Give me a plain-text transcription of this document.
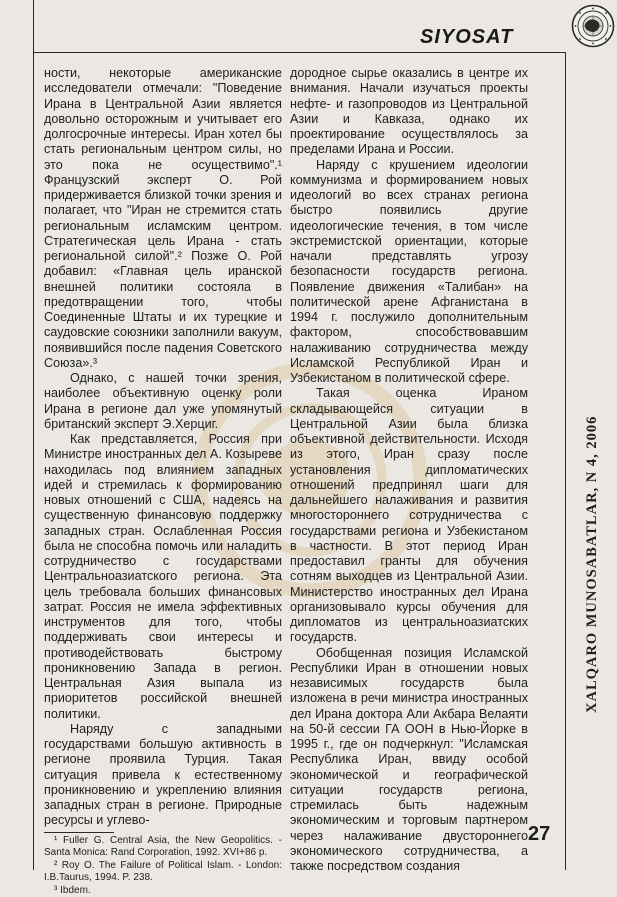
SIYOSAT

ности, некоторые американские исследователи отмечали: "Поведение Ирана в Центральной Азии является довольно осторожным и учитывает его долгосрочные интересы. Иран хотел бы стать региональным центром силы, но это пока не осуществимо".¹ Французский эксперт О. Рой придерживается близкой точки зрения и полагает, что "Иран не стремится стать региональным исламским центром. Стратегическая цель Ирана - стать региональной силой".² Позже О. Рой добавил: «Главная цель иранской внешней политики состояла в предотвращении того, чтобы Соединенные Штаты и их турецкие и саудовские союзники заполнили вакуум, появившийся после падения Советского Союза».³

Однако, с нашей точки зрения, наиболее объективную оценку роли Ирана в регионе дал уже упомянутый британский эксперт Э.Херциг.

Как представляется, Россия при Министре иностранных дел А. Козыреве находилась под влиянием западных идей и стремилась к формированию новых отношений с США, надеясь на существенную финансовую поддержку западных стран. Ослабленная Россия была не способна помочь или наладить сотрудничество с государствами Центральноазиатского региона. Эта цель требовала больших финансовых затрат. Россия не имела эффективных инструментов для того, чтобы поддерживать свои интересы и противодействовать быстрому проникновению Запада в регион. Центральная Азия выпала из приоритетов российской внешней политики.

Наряду с западными государствами большую активность в регионе проявила Турция. Такая ситуация привела к естественному проникновению и укреплению влияния западных стран в регионе. Природные ресурсы и углево-

¹ Fuller G. Central Asia, the New Geopolitics. - Santa Monica: Rand Corporation, 1992. XVI+86 p.
² Roy O. The Failure of Political Islam. - London: I.B.Taurus, 1994. P. 238.
³ Ibdem.

дородное сырье оказались в центре их внимания. Начали изучаться проекты нефте- и газопроводов из Центральной Азии и Кавказа, однако их проектирование осуществлялось за пределами Ирана и России.

Наряду с крушением идеологии коммунизма и формированием новых идеологий во всех странах региона быстро появились другие идеологические течения, в том числе экстремистской ориентации, которые начали представлять угрозу безопасности государств региона. Появление движения «Талибан» на политической арене Афганистана в 1994 г. послужило дополнительным фактором, способствовавшим налаживанию сотрудничества между Исламской Республикой Иран и Узбекистаном в политической сфере.

Такая оценка Ираном складывающейся ситуации в Центральной Азии была близка объективной действительности. Исходя из этого, Иран сразу после установления дипломатических отношений предпринял шаги для дальнейшего налаживания и развития многостороннего сотрудничества с государствами региона и Узбекистаном в частности. В этот период Иран предоставил гранты для обучения сотням выходцев из Центральной Азии. Министерство иностранных дел Ирана организовывало курсы обучения для дипломатов из центральноазиатских государств.

Обобщенная позиция Исламской Республики Иран в отношении новых независимых государств была изложена в речи министра иностранных дел Ирана доктора Али Акбара Велаяти на 50-й сессии ГА ООН в Нью-Йорке в 1995 г., где он подчеркнул: "Исламская Республика Иран, ввиду особой экономической и географической ситуации государств региона, стремилась быть надежным экономическим и торговым партнером через налаживание двустороннего экономического сотрудничества, а также посредством создания

XALQARO MUNOSABATLAR, N 4, 2006
27
